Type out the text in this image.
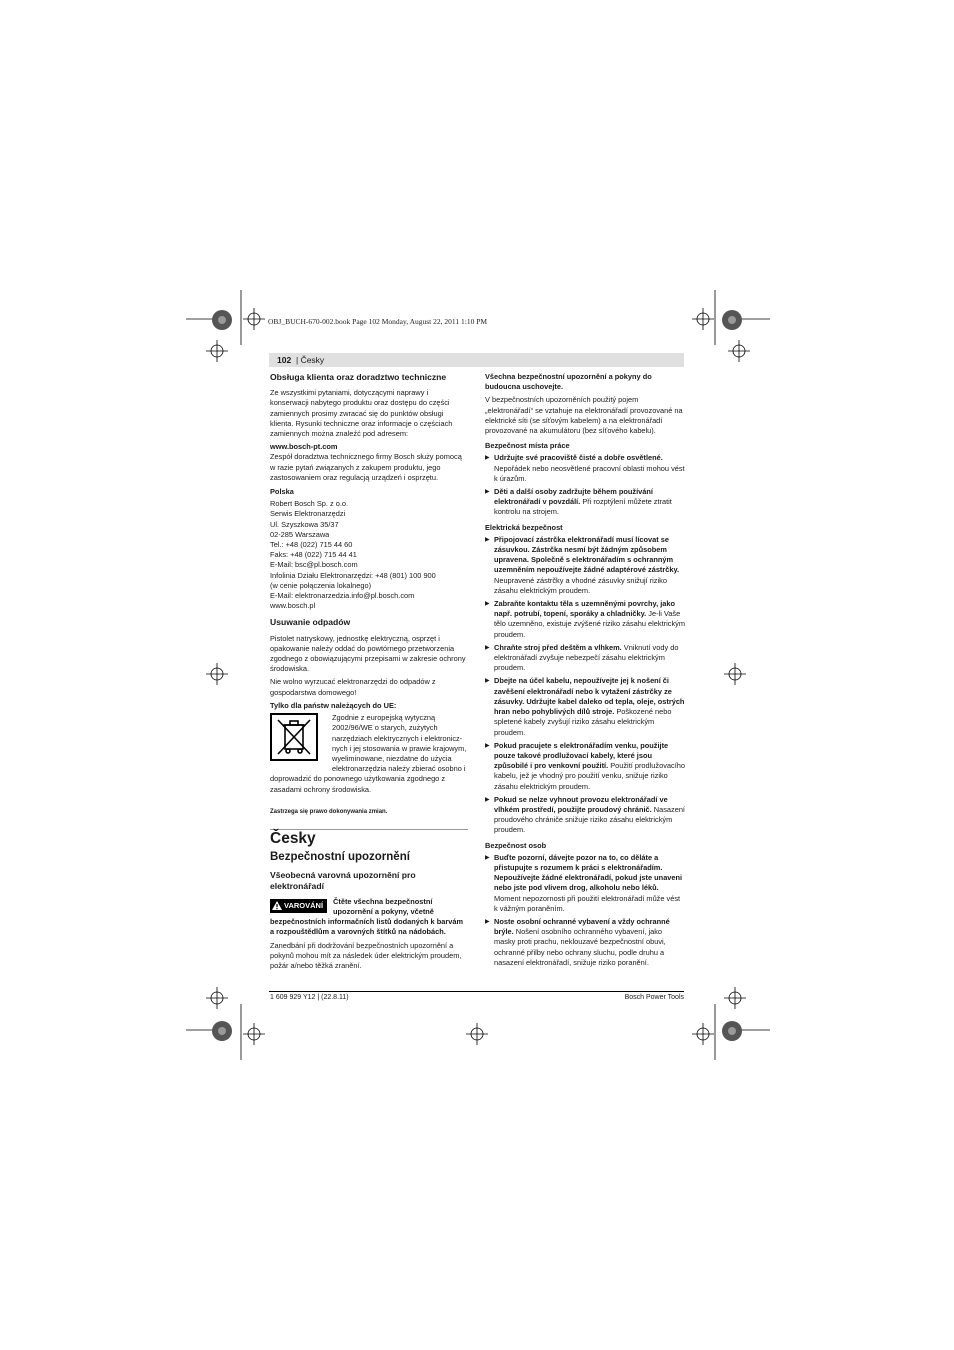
OBJ_BUCH-670-002.book Page 102 Monday, August 22, 2011 1:10 PM
102 | Česky
Obsługa klienta oraz doradztwo techniczne

Ze wszystkimi pytaniami, dotyczącymi naprawy i konserwacji nabytego produktu oraz dostępu do części zamiennych prosimy zwracać się do punktów obsługi klienta. Rysunki techniczne oraz informacje o częściach zamiennych można znaleźć pod adresem:

www.bosch-pt.com

Zespół doradztwa technicznego firmy Bosch służy pomocą w razie pytań związanych z zakupem produktu, jego zastosowaniem oraz regulacją urządzeń i osprzętu.

Polska
Robert Bosch Sp. z o.o.
Serwis Elektronarzędzi
Ul. Szyszkowa 35/37
02-285 Warszawa
Tel.: +48 (022) 715 44 60
Faks: +48 (022) 715 44 41
E-Mail: bsc@pl.bosch.com
Infolinia Działu Elektronarzędzi: +48 (801) 100 900
(w cenie połączenia lokalnego)
E-Mail: elektronarzedzia.info@pl.bosch.com
www.bosch.pl
Usuwanie odpadów

Pistolet natryskowy, jednostkę elektryczną, osprzęt i opakowanie należy oddać do powtórnego przetworzenia zgodnego z obowiązującymi przepisami w zakresie ochrony środowiska.

Nie wolno wyrzucać elektronarzędzi do odpadów z gospodarstwa domowego!

Tylko dla państw należących do UE:
Zgodnie z europejską wytyczną
2002/96/WE o starych, zużytych
narzędziach elektrycznych i elektronicz-
nych i jej stosowania w prawie krajowym,
wyeliminowane, niezdatne do użycia
elektronarzędzia należy zbierać osobno i

doprowadzić do ponownego użytkowania zgodnego z zasadami ochrony środowiska.

Zastrzega się prawo dokonywania zmian.
Česky
Bezpečnostní upozornění
Všeobecná varovná upozornění pro elektronářadí
VAROVÁNÍ	Čtěte všechna bezpečnostní upozornění a pokyny, včetně bezpečnostních informačních listů dodaných k barvám a rozpouštědlům a varovných štítků na nádobách.

Zanedbání při dodržování bezpečnostních upozornění a pokynů mohou mít za následek úder elektrickým proudem, požár a/nebo těžká zranění.

Všechna bezpečnostní upozornění a pokyny do budoucna uschovejte.

V bezpečnostních upozorněních použitý pojem „elektronářadí“ se vztahuje na elektronářadí provozované na elektrické síti (se síťovým kabelem) a na elektronářadí provozované na akumulátoru (bez síťového kabelu).

Bezpečnost místa práce
▶ Udržujte své pracoviště čisté a dobře osvětlené. Nepořádek nebo neosvětlené pracovní oblasti mohou vést k úrazům.
▶ Děti a další osoby zadržujte během používání elektronářadí v povzdálí. Při rozptýlení můžete ztratit kontrolu na strojem.
Elektrická bezpečnost
▶ Připojovací zástrčka elektronářadí musí lícovat se zásuvkou. Zástrčka nesmí být žádným způsobem upravena. Společně s elektronářadím s ochranným uzemněním nepoužívejte žádné adaptérové zástrčky. Neupravené zástrčky a vhodné zásuvky snižují riziko zásahu elektrickým proudem.
▶ Zabraňte kontaktu těla s uzemněnými povrchy, jako např. potrubí, topení, sporáky a chladničky. Je-li Vaše tělo uzemněno, existuje zvýšené riziko zásahu elektrickým proudem.
▶ Chraňte stroj před deštěm a vlhkem. Vniknutí vody do elektronářadí zvyšuje nebezpečí zásahu elektrickým proudem.
▶ Dbejte na účel kabelu, nepoužívejte jej k nošení či zavěšení elektronářadí nebo k vytažení zástrčky ze zásuvky. Udržujte kabel daleko od tepla, oleje, ostrých hran nebo pohyblivých dílů stroje. Poškozené nebo spletené kabely zvyšují riziko zásahu elektrickým proudem.
▶ Pokud pracujete s elektronářadím venku, použijte pouze takové prodlužovací kabely, které jsou způsobilé i pro venkovní použití. Použití prodlužovacího kabelu, jež je vhodný pro použití venku, snižuje riziko zásahu elektrickým proudem.
▶ Pokud se nelze vyhnout provozu elektronářadí ve vlhkém prostředí, použijte proudový chránič. Nasazení proudového chrániče snižuje riziko zásahu elektrickým proudem.
Bezpečnost osob
▶ Buďte pozorní, dávejte pozor na to, co děláte a přistupujte s rozumem k práci s elektronářadím. Nepoužívejte žádné elektronářadí, pokud jste unaveni nebo jste pod vlivem drog, alkoholu nebo léků. Moment nepozornosti při použití elektronářadí může vést k vážným poraněním.
▶ Noste osobní ochranné vybavení a vždy ochranné brýle. Nošení osobního ochranného vybavení, jako masky proti prachu, neklouzavé bezpečnostní obuvi, ochranné přilby nebo ochrany sluchu, podle druhu a nasazení elektronářadí, snižuje riziko poranění.
1 609 929 Y12 | (22.8.11)	Bosch Power Tools
